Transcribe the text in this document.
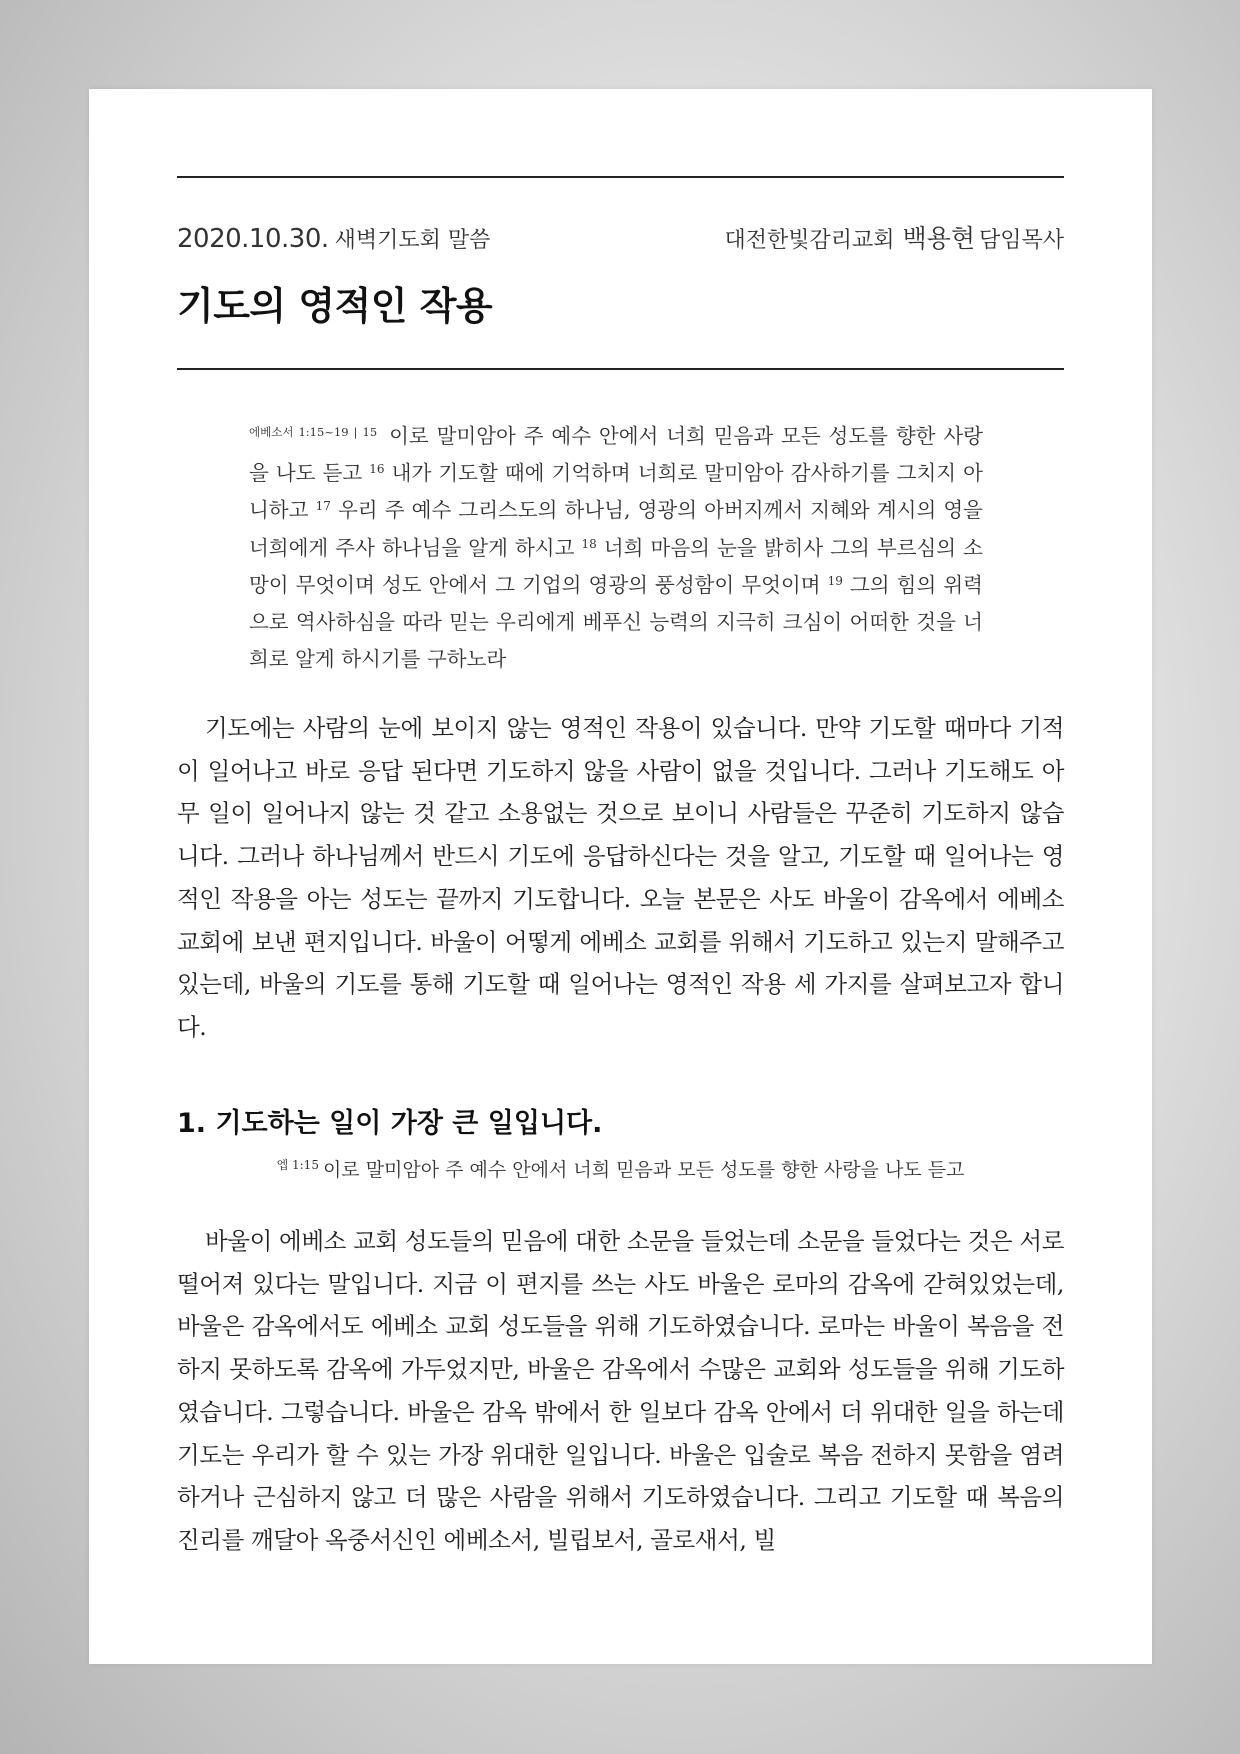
2020.10.30. 새벽기도회 말씀	대전한빛감리교회 백용현 담임목사
기도의 영적인 작용
$^{에베소서 1:15\sim 19 | 15}$ 이로 말미암아 주 예수 안에서 너희 믿음과 모든 성도를 향한 사랑을 나도 듣고 $^{16}$ 내가 기도할 때에 기억하며 너희로 말미암아 감사하기를 그치지 아니하고 $^{17}$ 우리 주 예수 그리스도의 하나님, 영광의 아버지께서 지혜와 계시의 영을 너희에게 주사 하나님을 알게 하시고 $^{18}$ 너희 마음의 눈을 밝히사 그의 부르심의 소망이 무엇이며 성도 안에서 그 기업의 영광의 풍성함이 무엇이며 $^{19}$ 그의 힘의 위력으로 역사하심을 따라 믿는 우리에게 베푸신 능력의 지극히 크심이 어떠한 것을 너희로 알게 하시기를 구하노라
기도에는 사람의 눈에 보이지 않는 영적인 작용이 있습니다. 만약 기도할 때마다 기적이 일어나고 바로 응답 된다면 기도하지 않을 사람이 없을 것입니다. 그러나 기도해도 아무 일이 일어나지 않는 것 같고 소용없는 것으로 보이니 사람들은 꾸준히 기도하지 않습니다. 그러나 하나님께서 반드시 기도에 응답하신다는 것을 알고, 기도할 때 일어나는 영적인 작용을 아는 성도는 끝까지 기도합니다. 오늘 본문은 사도 바울이 감옥에서 에베소 교회에 보낸 편지입니다. 바울이 어떻게 에베소 교회를 위해서 기도하고 있는지 말해주고 있는데, 바울의 기도를 통해 기도할 때 일어나는 영적인 작용 세 가지를 살펴보고자 합니다.
1. 기도하는 일이 가장 큰 일입니다.
$^{엡 1:15}$ 이로 말미암아 주 예수 안에서 너희 믿음과 모든 성도를 향한 사랑을 나도 듣고
바울이 에베소 교회 성도들의 믿음에 대한 소문을 들었는데 소문을 들었다는 것은 서로 떨어져 있다는 말입니다. 지금 이 편지를 쓰는 사도 바울은 로마의 감옥에 갇혀있었는데, 바울은 감옥에서도 에베소 교회 성도들을 위해 기도하였습니다. 로마는 바울이 복음을 전하지 못하도록 감옥에 가두었지만, 바울은 감옥에서 수많은 교회와 성도들을 위해 기도하였습니다. 그렇습니다. 바울은 감옥 밖에서 한 일보다 감옥 안에서 더 위대한 일을 하는데 기도는 우리가 할 수 있는 가장 위대한 일입니다. 바울은 입술로 복음 전하지 못함을 염려하거나 근심하지 않고 더 많은 사람을 위해서 기도하였습니다. 그리고 기도할 때 복음의 진리를 깨달아 옥중서신인 에베소서, 빌립보서, 골로새서, 빌
